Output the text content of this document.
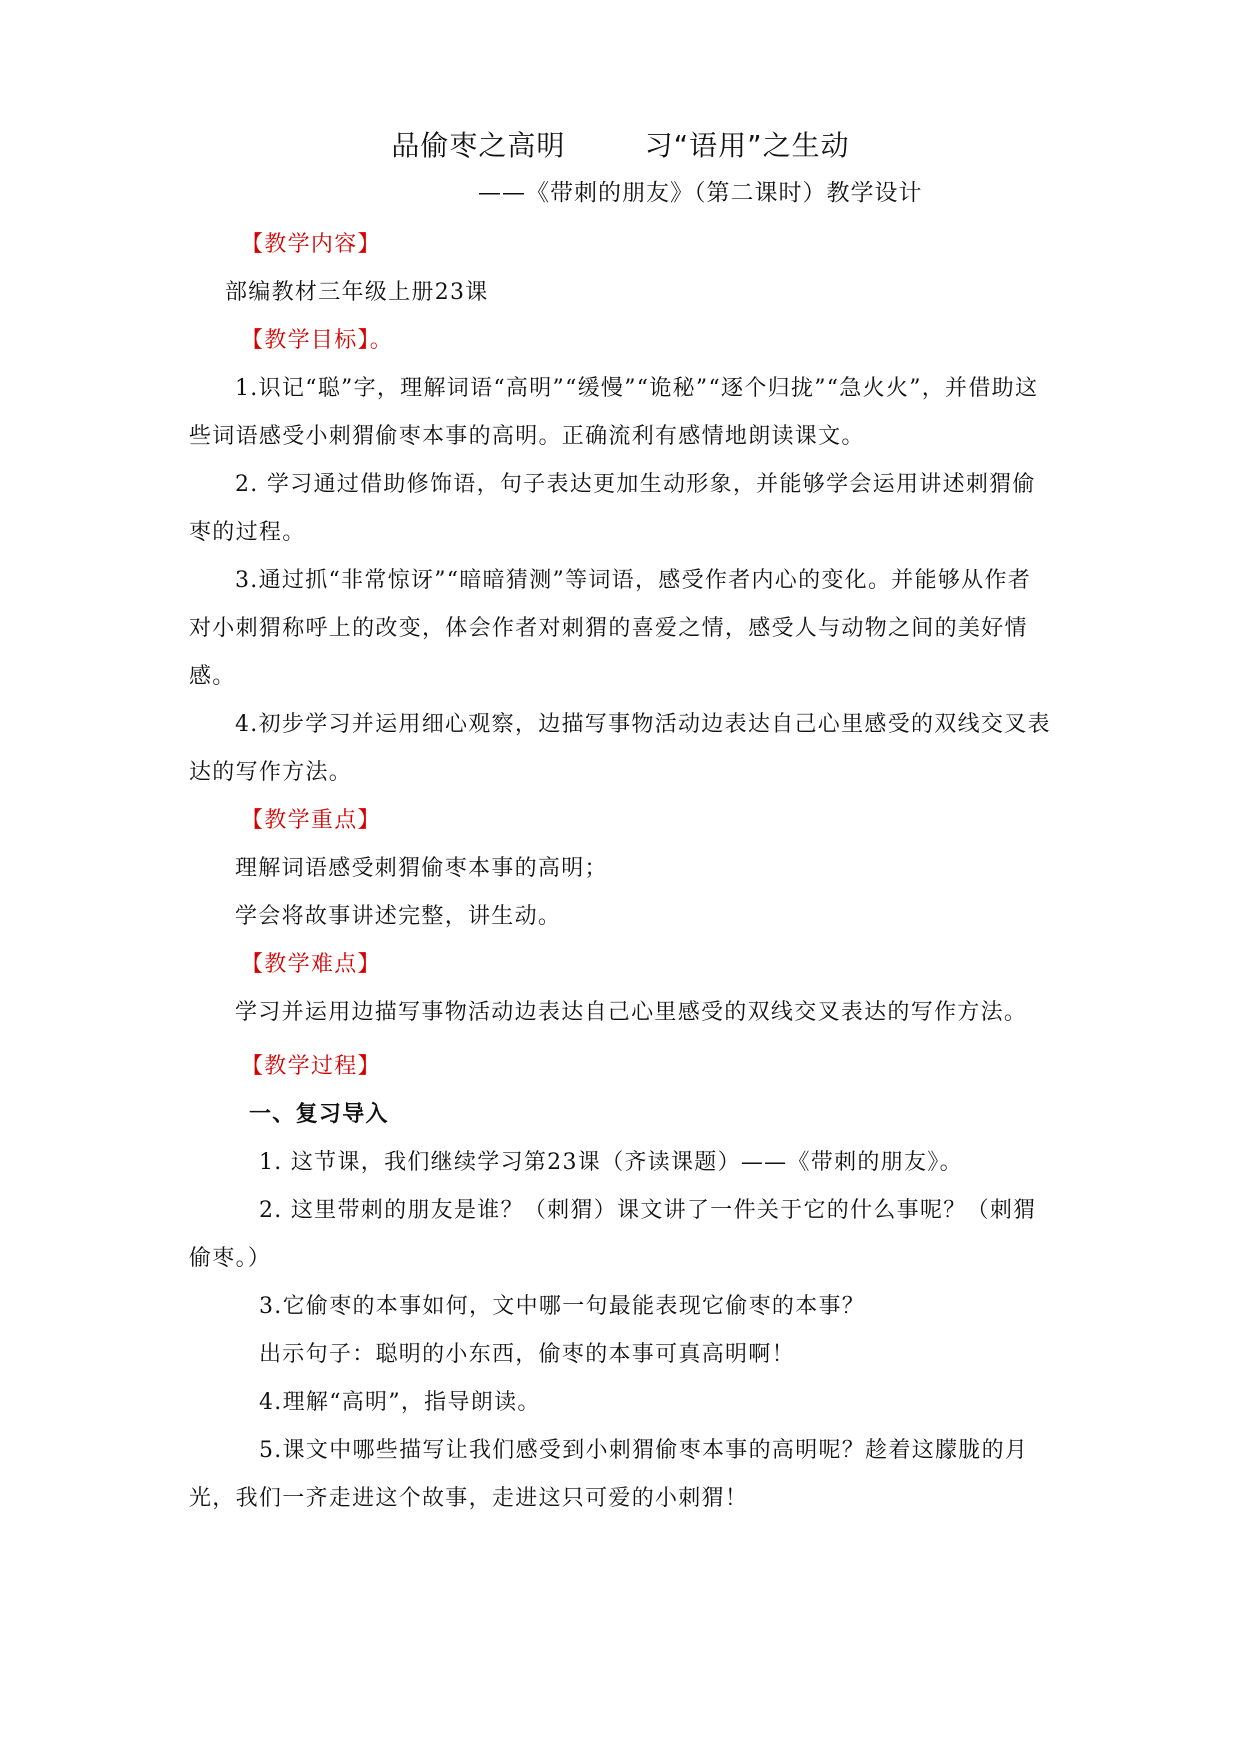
品偷枣之高明        习“语用”之生动
——《带刺的朋友》（第二课时）教学设计

【教学内容】

部编教材三年级上册23课

【教学目标】。

1.识记“聪”字，理解词语“高明”“缓慢”“诡秘”“逐个归拢”“急火火”，并借助这些词语感受小刺猬偷枣本事的高明。正确流利有感情地朗读课文。

2. 学习通过借助修饰语，句子表达更加生动形象，并能够学会运用讲述刺猬偷枣的过程。

3.通过抓“非常惊讶”“暗暗猜测”等词语，感受作者内心的变化。并能够从作者对小刺猬称呼上的改变，体会作者对刺猬的喜爱之情，感受人与动物之间的美好情感。

4.初步学习并运用细心观察，边描写事物活动边表达自己心里感受的双线交叉表达的写作方法。

【教学重点】

理解词语感受刺猬偷枣本事的高明；

学会将故事讲述完整，讲生动。

【教学难点】

学习并运用边描写事物活动边表达自己心里感受的双线交叉表达的写作方法。

【教学过程】

一、复习导入

1. 这节课，我们继续学习第23课（齐读课题）——《带刺的朋友》。

2. 这里带刺的朋友是谁？（刺猬）课文讲了一件关于它的什么事呢？（刺猬偷枣。）

3.它偷枣的本事如何，文中哪一句最能表现它偷枣的本事？

出示句子：聪明的小东西，偷枣的本事可真高明啊！

4.理解“高明”，指导朗读。

5.课文中哪些描写让我们感受到小刺猬偷枣本事的高明呢？趁着这朦胧的月光，我们一齐走进这个故事，走进这只可爱的小刺猬！
